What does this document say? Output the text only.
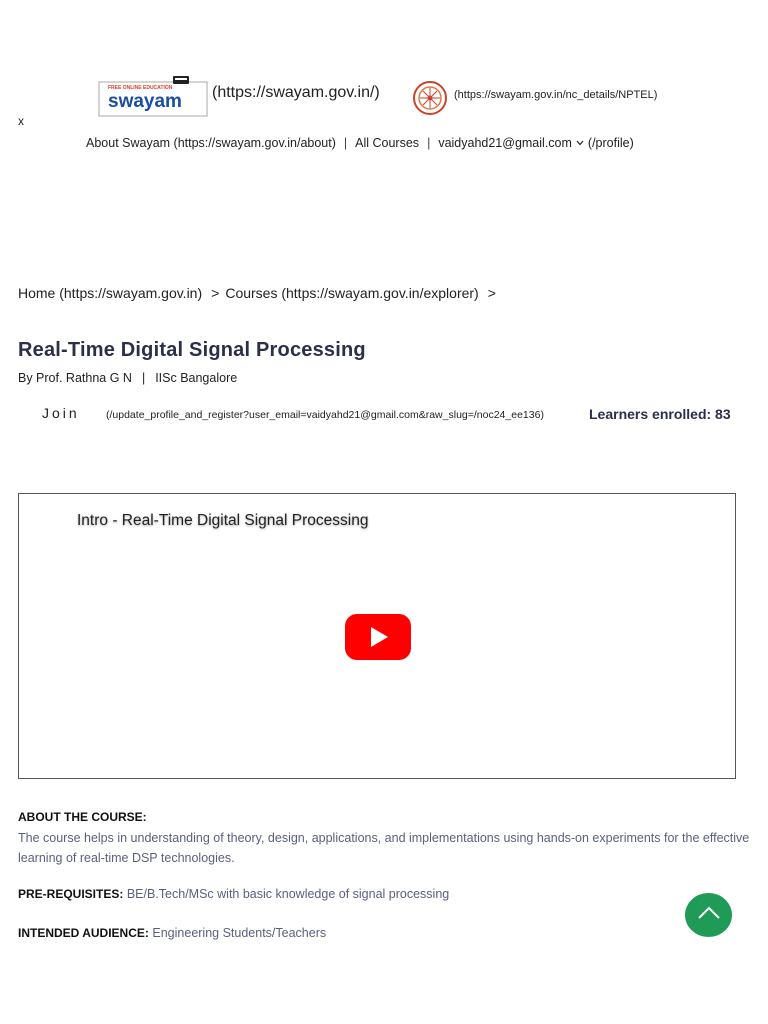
FREE ONLINE EDUCATION
swayam (https://swayam.gov.in/)	(https://swayam.gov.in/nc_details/NPTEL)
x
About Swayam (https://swayam.gov.in/about) | All Courses | vaidyahd21@gmail.com (/profile)
Home (https://swayam.gov.in) > Courses (https://swayam.gov.in/explorer) >
Real-Time Digital Signal Processing
By Prof. Rathna G N | IISc Bangalore
Join	(/update_profile_and_register?user_email=vaidyahd21@gmail.com&raw_slug=/noc24_ee136)	Learners enrolled: 83
Intro - Real-Time Digital Signal Processing
ABOUT THE COURSE:
The course helps in understanding of theory, design, applications, and implementations using hands-on experiments for the effective learning of real-time DSP technologies.
PRE-REQUISITES: BE/B.Tech/MSc with basic knowledge of signal processing
INTENDED AUDIENCE: Engineering Students/Teachers
